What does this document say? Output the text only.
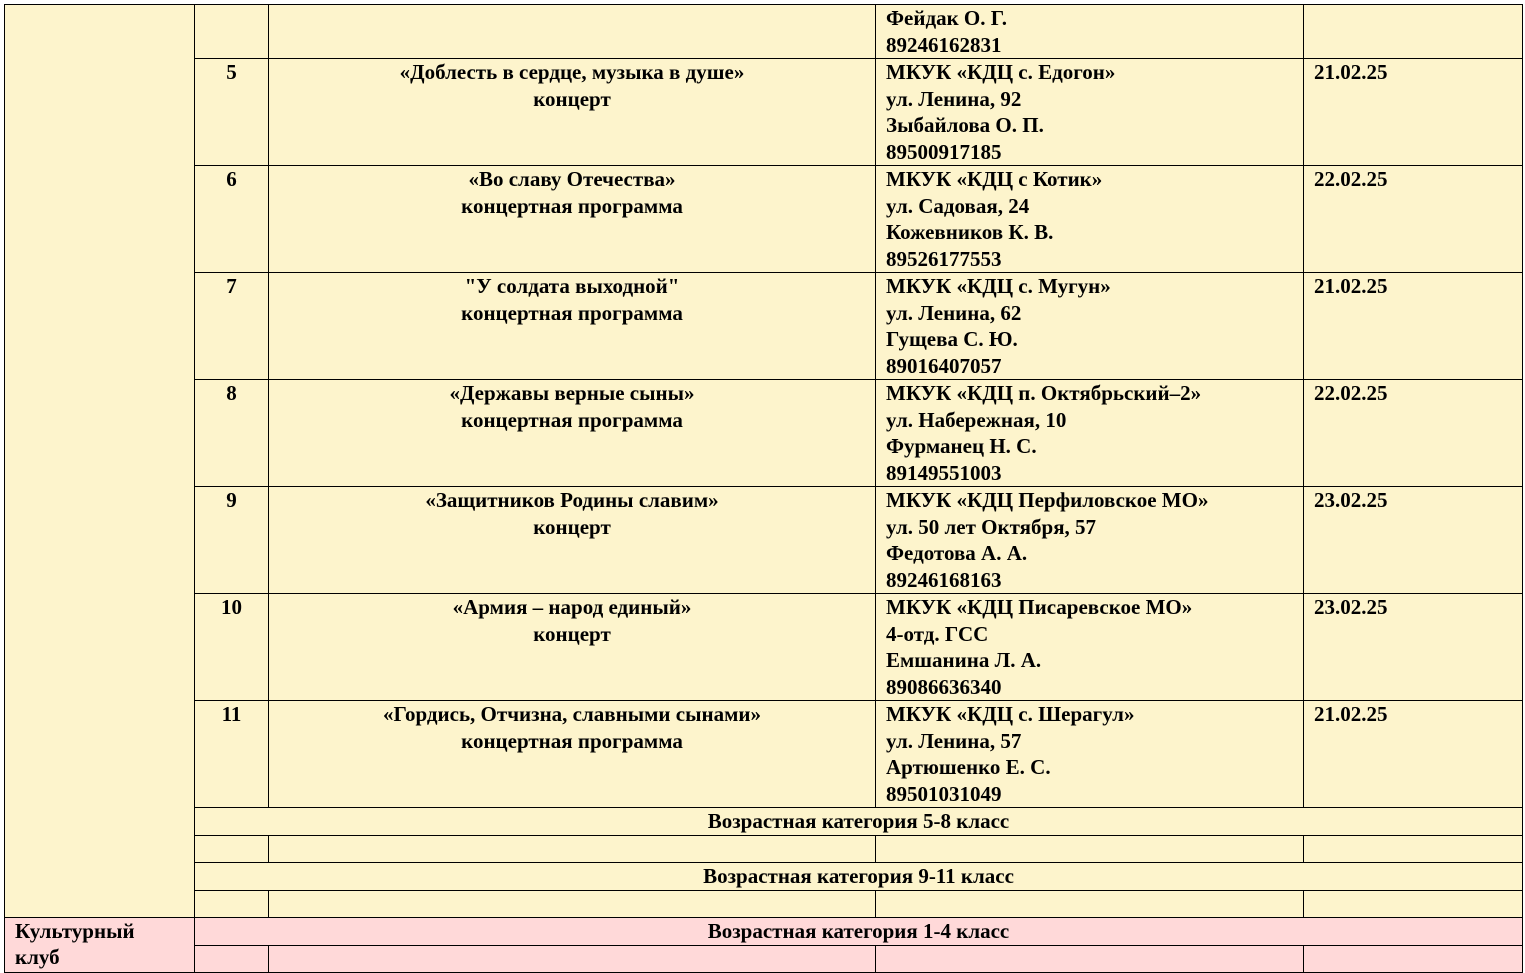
			Фейдак О. Г.
89246162831	

	5	«Доблесть в сердце, музыка в душе»
концерт	МКУК «КДЦ с. Едогон»
ул. Ленина, 92
Зыбайлова О. П.
89500917185	21.02.25
	6	«Во славу Отечества»
концертная программа	МКУК «КДЦ с Котик»
ул. Садовая, 24
Кожевников К. В.
89526177553	22.02.25
	7	"У солдата выходной"
концертная программа	МКУК «КДЦ с. Мугун»
ул. Ленина, 62
Гущева С. Ю.
89016407057	21.02.25
	8	«Державы верные сыны»
концертная программа	МКУК «КДЦ п. Октябрьский–2»
ул. Набережная, 10
Фурманец Н. С.
89149551003	22.02.25
	9	«Защитников Родины славим»
концерт	МКУК «КДЦ Перфиловское МО»
ул. 50 лет Октября, 57
Федотова А. А.
89246168163	23.02.25
	10	«Армия – народ единый»
концерт	МКУК «КДЦ Писаревское МО»
4-отд. ГСС
Емшанина Л. А.
89086636340	23.02.25
	11	«Гордись, Отчизна, славными сынами»
концертная программа	МКУК «КДЦ с. Шерагул»
ул. Ленина, 57
Артюшенко Е. С.
89501031049	21.02.25
	Возрастная категория 5-8 класс			

	Возрастная категория 9-11 класс			

Культурный клуб	Возрастная категория 1-4 класс			
